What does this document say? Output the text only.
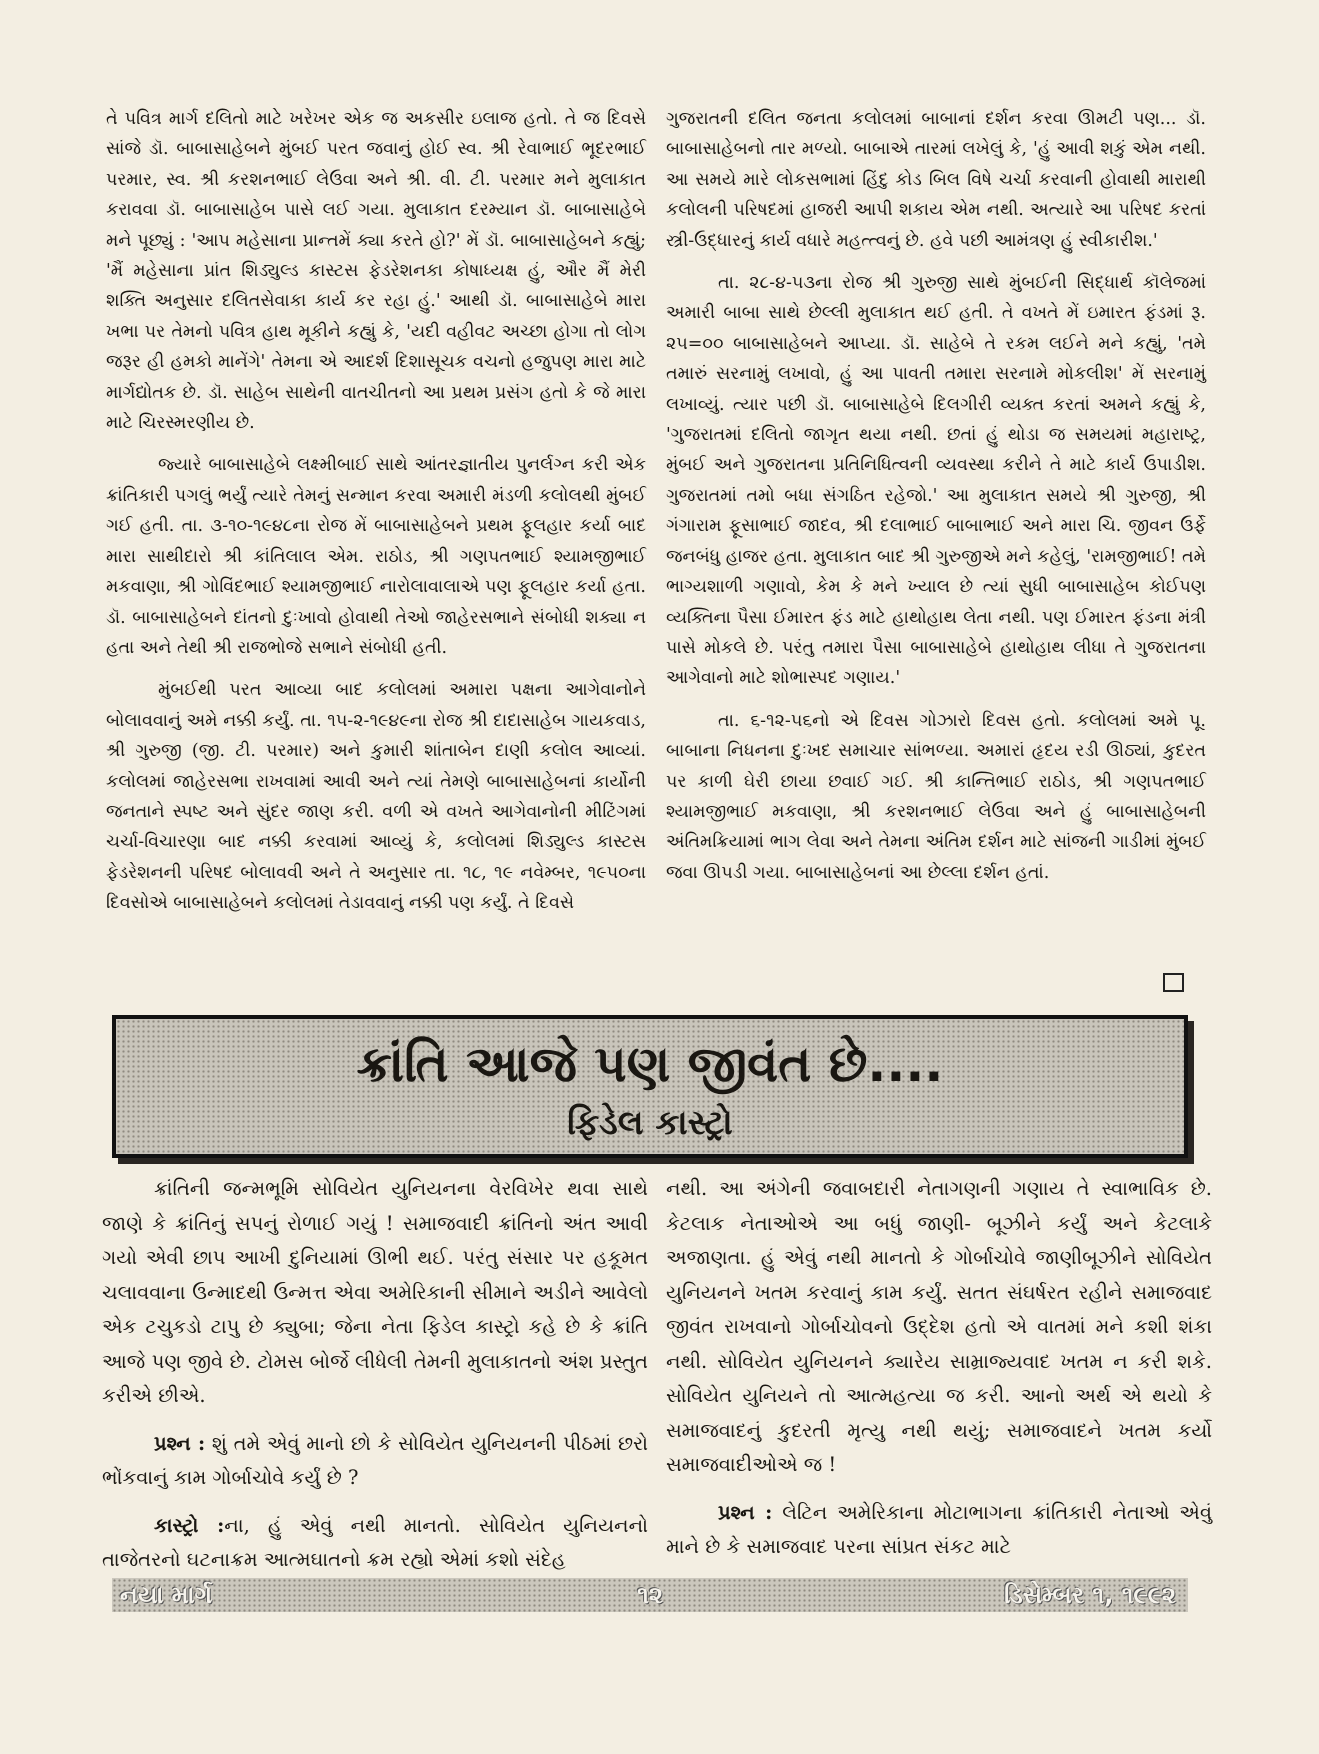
તે પવિત્ર માર્ગ દલિતો માટે ખરેખર એક જ અકસીર ઇલાજ હતો. તે જ દિવસે સાંજે ડૉ. બાબાસાહેબને મુંબઈ પરત જવાનું હોઈ સ્વ. શ્રી રેવાભાઈ ભૂદરભાઈ પરમાર, સ્વ. શ્રી કરશનભાઈ લેઉવા અને શ્રી. વી. ટી. પરમાર મને મુલાકાત કરાવવા ડૉ. બાબાસાહેબ પાસે લઈ ગયા. મુલાકાત દરમ્યાન ડૉ. બાબાસાહેબે મને પૂછ્યું : 'આપ મહેસાના પ્રાન્તમેં ક્યા કરતે હો?' મેં ડૉ. બાબાસાહેબને કહ્યું; 'મૈં મહેસાના પ્રાંત શિડ્યુલ્ડ કાસ્ટસ ફેડરેશનકા કોષાધ્યક્ષ હું, ઔર મૈં મેરી શક્તિ અનુસાર દલિતસેવાકા કાર્ય કર રહા હું.' આથી ડૉ. બાબાસાહેબે મારા ખભા પર તેમનો પવિત્ર હાથ મૂકીને કહ્યું કે, 'યદી વહીવટ અચ્છા હોગા તો લોગ જરૂર હી હમકો માનેંગે' તેમના એ આદર્શ દિશાસૂચક વચનો હજુપણ મારા માટે માર્ગદ્યોતક છે. ડૉ. સાહેબ સાથેની વાતચીતનો આ પ્રથમ પ્રસંગ હતો કે જે મારા માટે ચિરસ્મરણીય છે.

જ્યારે બાબાસાહેબે લક્ષ્મીબાઈ સાથે આંતરજ્ઞાતીય પુનર્લગ્ન કરી એક ક્રાંતિકારી પગલું ભર્યું ત્યારે તેમનું સન્માન કરવા અમારી મંડળી કલોલથી મુંબઈ ગઈ હતી. તા. ૩-૧૦-૧૯૪૮ના રોજ મેં બાબાસાહેબને પ્રથમ ફૂલહાર કર્યા બાદ મારા સાથીદારો શ્રી કાંતિલાલ એમ. રાઠોડ, શ્રી ગણપતભાઈ શ્યામજીભાઈ મકવાણા, શ્રી ગોવિંદભાઈ શ્યામજીભાઈ નારોલાવાલાએ પણ ફૂલહાર કર્યા હતા. ડૉ. બાબાસાહેબને દાંતનો દુઃખાવો હોવાથી તેઓ જાહેરસભાને સંબોધી શક્યા ન હતા અને તેથી શ્રી રાજભોજે સભાને સંબોધી હતી.

મુંબઈથી પરત આવ્યા બાદ કલોલમાં અમારા પક્ષના આગેવાનોને બોલાવવાનું અમે નક્કી કર્યું. તા. ૧૫-૨-૧૯૪૯ના રોજ શ્રી દાદાસાહેબ ગાયકવાડ, શ્રી ગુરુજી (જી. ટી. પરમાર) અને કુમારી શાંતાબેન દાણી કલોલ આવ્યાં. કલોલમાં જાહેરસભા રાખવામાં આવી અને ત્યાં તેમણે બાબાસાહેબનાં કાર્યોની જનતાને સ્પષ્ટ અને સુંદર જાણ કરી. વળી એ વખતે આગેવાનોની મીટિંગમાં ચર્ચા-વિચારણા બાદ નક્કી કરવામાં આવ્યું કે, કલોલમાં શિડ્યુલ્ડ કાસ્ટસ ફેડરેશનની પરિષદ બોલાવવી અને તે અનુસાર તા. ૧૮, ૧૯ નવેમ્બર, ૧૯૫૦ના દિવસોએ બાબાસાહેબને કલોલમાં તેડાવવાનું નક્કી પણ કર્યું. તે દિવસે

ગુજરાતની દલિત જનતા કલોલમાં બાબાનાં દર્શન કરવા ઊમટી પણ... ડૉ. બાબાસાહેબનો તાર મળ્યો. બાબાએ તારમાં લખેલું કે, 'હું આવી શકું એમ નથી. આ સમયે મારે લોકસભામાં હિંદુ કોડ બિલ વિષે ચર્ચા કરવાની હોવાથી મારાથી કલોલની પરિષદમાં હાજરી આપી શકાય એમ નથી. અત્યારે આ પરિષદ કરતાં સ્ત્રી-ઉદ્ધારનું કાર્ય વધારે મહત્ત્વનું છે. હવે પછી આમંત્રણ હું સ્વીકારીશ.'

તા. ૨૮-૪-૫૩ના રોજ શ્રી ગુરુજી સાથે મુંબઈની સિદ્ધાર્થ કૉલેજમાં અમારી બાબા સાથે છેલ્લી મુલાકાત થઈ હતી. તે વખતે મેં ઇમારત ફંડમાં રૂ. ૨૫=૦૦ બાબાસાહેબને આપ્યા. ડૉ. સાહેબે તે રકમ લઈને મને કહ્યું, 'તમે તમારું સરનામું લખાવો, હું આ પાવતી તમારા સરનામે મોકલીશ' મેં સરનામું લખાવ્યું. ત્યાર પછી ડૉ. બાબાસાહેબે દિલગીરી વ્યક્ત કરતાં અમને કહ્યું કે, 'ગુજરાતમાં દલિતો જાગૃત થયા નથી. છતાં હું થોડા જ સમયમાં મહારાષ્ટ્ર, મુંબઈ અને ગુજરાતના પ્રતિનિધિત્વની વ્યવસ્થા કરીને તે માટે કાર્ય ઉપાડીશ. ગુજરાતમાં તમો બધા સંગઠિત રહેજો.' આ મુલાકાત સમયે શ્રી ગુરુજી, શ્રી ગંગારામ ફૂસાભાઈ જાદવ, શ્રી દલાભાઈ બાબાભાઈ અને મારા ચિ. જીવન ઉર્ફે જનબંધુ હાજર હતા. મુલાકાત બાદ શ્રી ગુરુજીએ મને કહેલું, 'રામજીભાઈ! તમે ભાગ્યશાળી ગણાવો, કેમ કે મને ખ્યાલ છે ત્યાં સુધી બાબાસાહેબ કોઈપણ વ્યક્તિના પૈસા ઈમારત ફંડ માટે હાથોહાથ લેતા નથી. પણ ઈમારત ફંડના મંત્રી પાસે મોકલે છે. પરંતુ તમારા પૈસા બાબાસાહેબે હાથોહાથ લીધા તે ગુજરાતના આગેવાનો માટે શોભાસ્પદ ગણાય.'

તા. ૬-૧૨-૫૬નો એ દિવસ ગોઝારો દિવસ હતો. કલોલમાં અમે પૂ. બાબાના નિધનના દુઃખદ સમાચાર સાંભળ્યા. અમારાં હૃદય રડી ઊઠ્યાં, કુદરત પર કાળી ઘેરી છાયા છવાઈ ગઈ. શ્રી કાન્તિભાઈ રાઠોડ, શ્રી ગણપતભાઈ શ્યામજીભાઈ મકવાણા, શ્રી કરશનભાઈ લેઉવા અને હું બાબાસાહેબની અંતિમક્રિયામાં ભાગ લેવા અને તેમના અંતિમ દર્શન માટે સાંજની ગાડીમાં મુંબઈ જવા ઊપડી ગયા. બાબાસાહેબનાં આ છેલ્લા દર્શન હતાં.

ક્રાંતિ આજે પણ જીવંત છે....
ફિડેલ કાસ્ટ્રો

ક્રાંતિની જન્મભૂમિ સોવિયેત યુનિયનના વેરવિખેર થવા સાથે જાણે કે ક્રાંતિનું સપનું રોળાઈ ગયું ! સમાજવાદી ક્રાંતિનો અંત આવી ગયો એવી છાપ આખી દુનિયામાં ઊભી થઈ. પરંતુ સંસાર પર હકૂમત ચલાવવાના ઉન્માદથી ઉન્મત્ત એવા અમેરિકાની સીમાને અડીને આવેલો એક ટચુકડો ટાપુ છે ક્યુબા; જેના નેતા ફિડેલ કાસ્ટ્રો કહે છે કે ક્રાંતિ આજે પણ જીવે છે. ટોમસ બોર્જે લીધેલી તેમની મુલાકાતનો અંશ પ્રસ્તુત કરીએ છીએ.

પ્રશ્ન : શું તમે એવું માનો છો કે સોવિયેત યુનિયનની પીઠમાં છરો ભોંકવાનું કામ ગોર્બાચોવે કર્યું છે ?

કાસ્ટ્રો :ના, હું એવું નથી માનતો. સોવિયેત યુનિયનનો તાજેતરનો ઘટનાક્રમ આત્મઘાતનો ક્રમ રહ્યો એમાં કશો સંદેહ

નથી. આ અંગેની જવાબદારી નેતાગણની ગણાય તે સ્વાભાવિક છે. કેટલાક નેતાઓએ આ બધું જાણી- બૂઝીને કર્યું અને કેટલાકે અજાણતા. હું એવું નથી માનતો કે ગોર્બાચોવે જાણીબૂઝીને સોવિયેત યુનિયનને ખતમ કરવાનું કામ કર્યું. સતત સંઘર્ષરત રહીને સમાજવાદ જીવંત રાખવાનો ગોર્બાચોવનો ઉદ્દેશ હતો એ વાતમાં મને કશી શંકા નથી. સોવિયેત યુનિયનને ક્યારેય સામ્રાજ્યવાદ ખતમ ન કરી શકે. સોવિયેત યુનિયને તો આત્મહત્યા જ કરી. આનો અર્થ એ થયો કે સમાજવાદનું કુદરતી મૃત્યુ નથી થયું; સમાજવાદને ખતમ કર્યો સમાજવાદીઓએ જ !

પ્રશ્ન : લેટિન અમેરિકાના મોટાભાગના ક્રાંતિકારી નેતાઓ એવું માને છે કે સમાજવાદ પરના સાંપ્રત સંકટ માટે

નયા માર્ગ	૧૨	ડિસેમ્બર ૧, ૧૯૯૨
